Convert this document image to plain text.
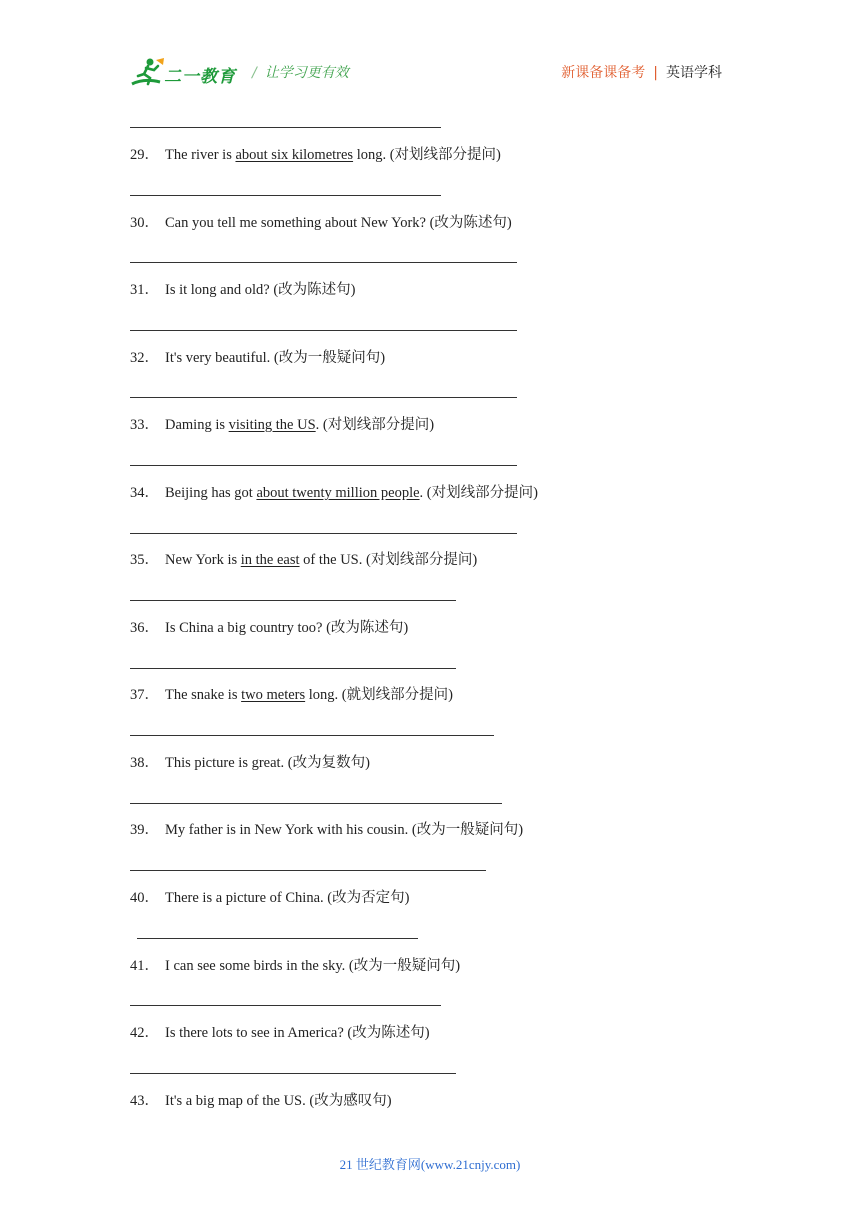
二一教育 / 让学习更有效	新课备课备考 | 英语学科
29． The river is about six kilometres long. (对划线部分提问)
30． Can you tell me something about New York? (改为陈述句)
31． Is it long and old? (改为陈述句)
32． It's very beautiful. (改为一般疑问句)
33． Daming is visiting the US. (对划线部分提问)
34． Beijing has got about twenty million people. (对划线部分提问)
35． New York is in the east of the US. (对划线部分提问)
36． Is China a big country too? (改为陈述句)
37． The snake is two meters long. (就划线部分提问)
38． This picture is great. (改为复数句)
39． My father is in New York with his cousin. (改为一般疑问句)
40． There is a picture of China. (改为否定句)
41． I can see some birds in the sky. (改为一般疑问句)
42． Is there lots to see in America? (改为陈述句)
43． It's a big map of the US. (改为感叹句)
21 世纪教育网(www.21cnjy.com)
